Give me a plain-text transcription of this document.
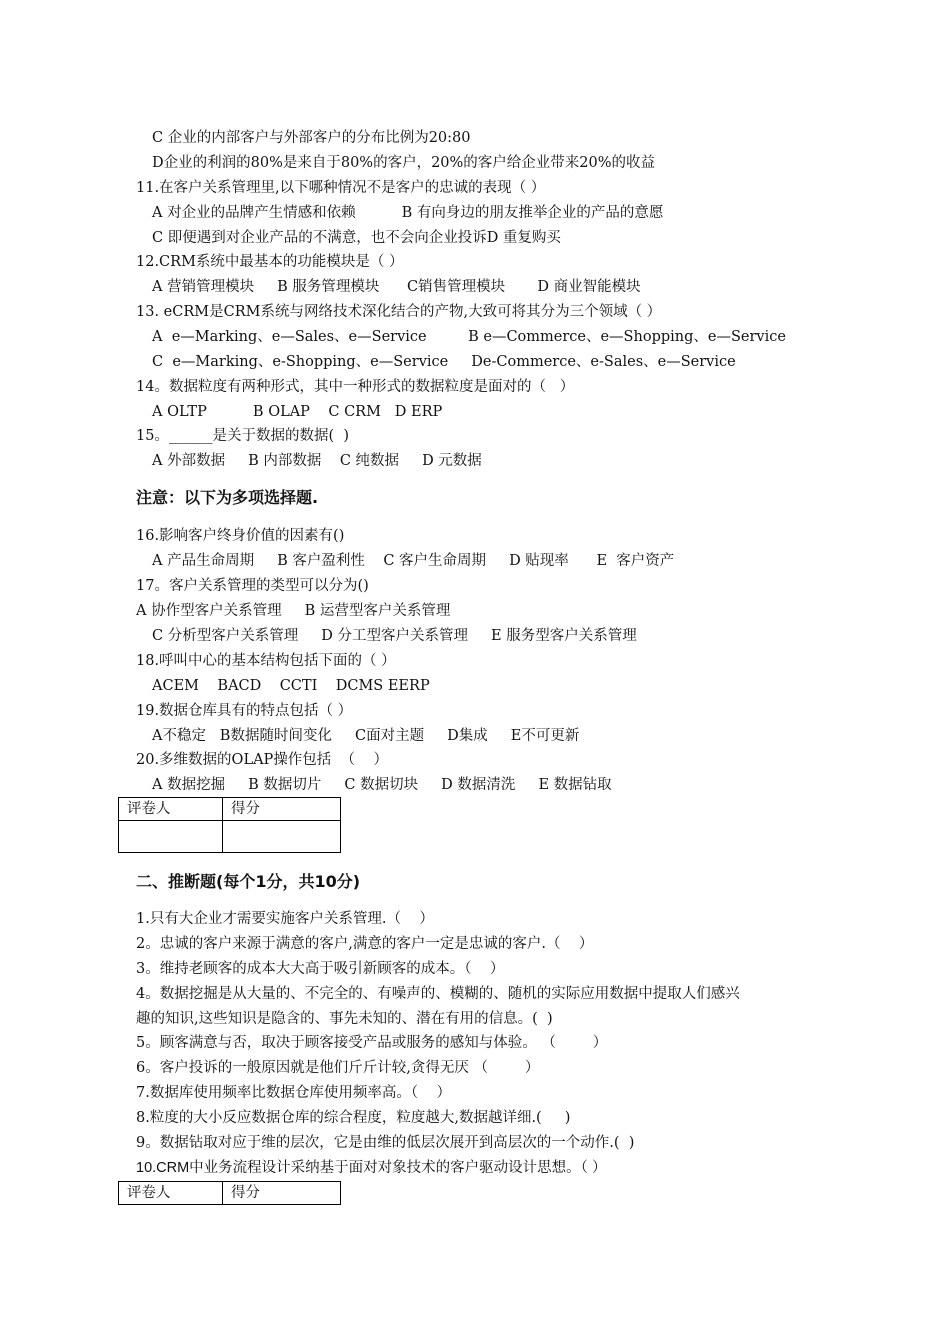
C 企业的内部客户与外部客户的分布比例为20:80
D企业的利润的80%是来自于80%的客户，20%的客户给企业带来20%的收益
11.在客户关系管理里,以下哪种情况不是客户的忠诚的表现（ ）
A 对企业的品牌产生情感和依赖          B 有向身边的朋友推举企业的产品的意愿
C 即便遇到对企业产品的不满意，也不会向企业投诉D 重复购买
12.CRM系统中最基本的功能模块是（ ）
A 营销管理模块     B 服务管理模块      C销售管理模块       D 商业智能模块
13. eCRM是CRM系统与网络技术深化结合的产物,大致可将其分为三个领域（ ）
A  e—Marking、e—Sales、e—Service         B e—Commerce、e—Shopping、e—Service
C  e—Marking、e-Shopping、e—Service     De-Commerce、e-Sales、e—Service
14。数据粒度有两种形式，其中一种形式的数据粒度是面对的（   ）
A OLTP          B OLAP    C CRM   D ERP
15。______是关于数据的数据(  )
A 外部数据     B 内部数据    C 纯数据     D 元数据
注意：以下为多项选择题.
16.影响客户终身价值的因素有()
A 产品生命周期     B 客户盈利性    C 客户生命周期     D 贴现率      E  客户资产
17。客户关系管理的类型可以分为()
A 协作型客户关系管理     B 运营型客户关系管理
C 分析型客户关系管理     D 分工型客户关系管理     E 服务型客户关系管理
18.呼叫中心的基本结构包括下面的（ ）
ACEM    BACD    CCTI    DCMS EERP
19.数据仓库具有的特点包括（ ）
A不稳定   B数据随时间变化     C面对主题     D集成     E不可更新
20.多维数据的OLAP操作包括  （    ）
A 数据挖掘     B 数据切片     C 数据切块     D 数据清洗     E 数据钻取
评卷人	得分

二、推断题(每个1分，共10分)
1.只有大企业才需要实施客户关系管理.（    ）
2。忠诚的客户来源于满意的客户,满意的客户一定是忠诚的客户.（    ）
3。维持老顾客的成本大大高于吸引新顾客的成本。（    ）
4。数据挖掘是从大量的、不完全的、有噪声的、模糊的、随机的实际应用数据中提取人们感兴
趣的知识,这些知识是隐含的、事先未知的、潜在有用的信息。(  )
5。顾客满意与否，取决于顾客接受产品或服务的感知与体验。 （        ）
6。客户投诉的一般原因就是他们斤斤计较,贪得无厌 （        ）
7.数据库使用频率比数据仓库使用频率高。（    ）
8.粒度的大小反应数据仓库的综合程度，粒度越大,数据越详细.(     )
9。数据钻取对应于维的层次，它是由维的低层次展开到高层次的一个动作.(  )
10.CRM中业务流程设计采纳基于面对对象技术的客户驱动设计思想。（ ）
评卷人	得分
